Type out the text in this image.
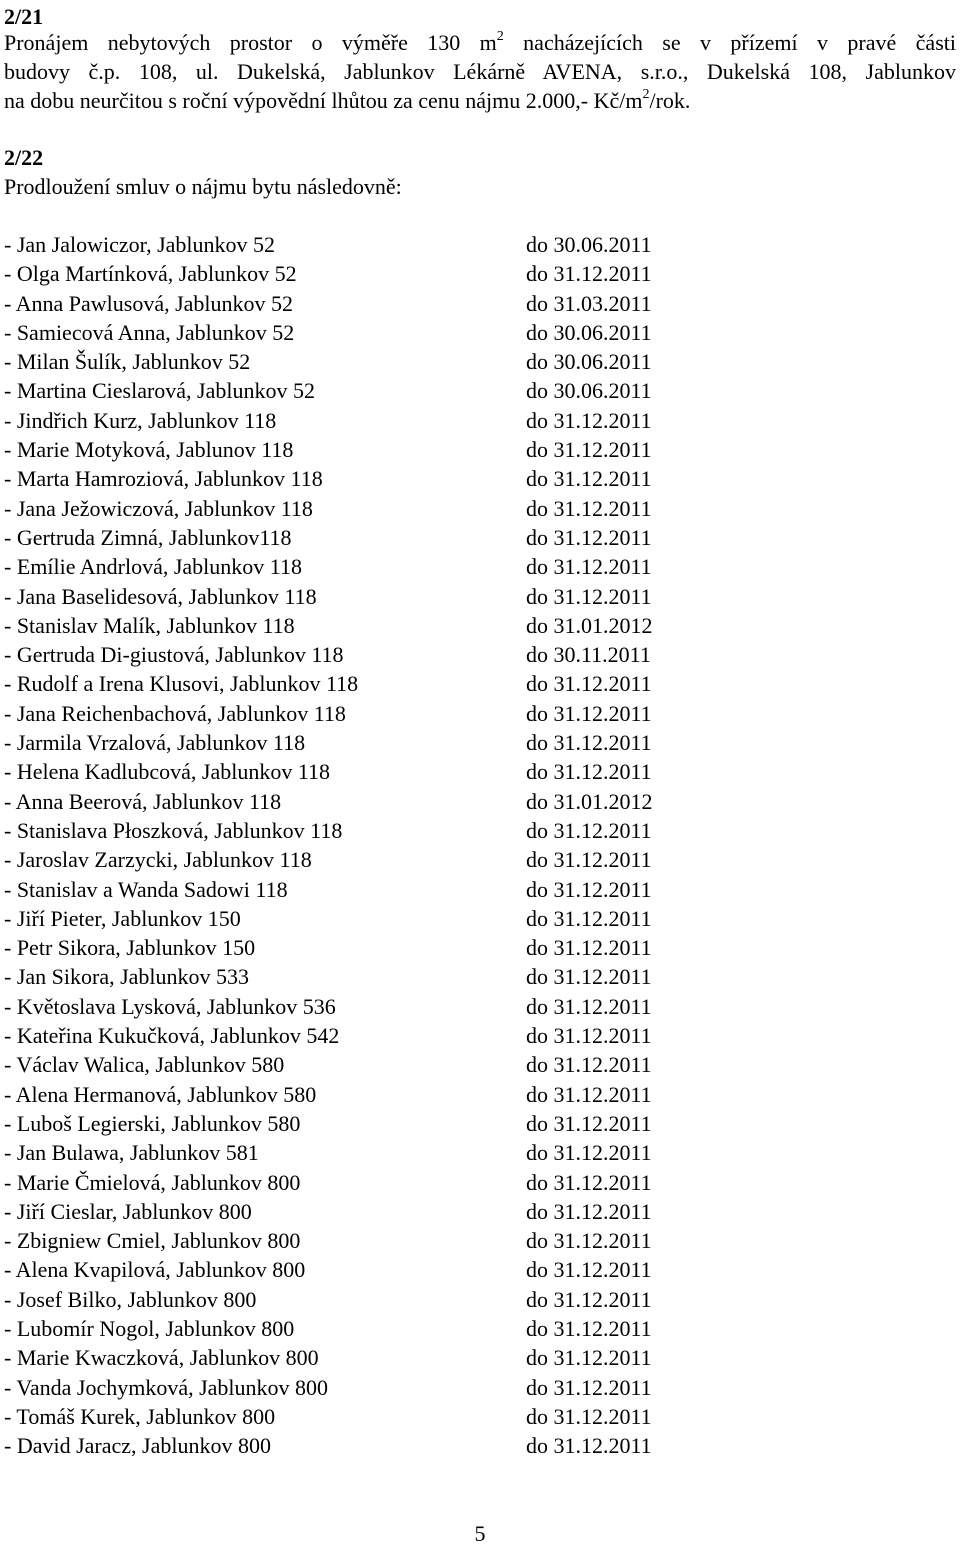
2/21

Pronájem nebytových prostor o výměře 130 $m^2$ nacházejících se v přízemí v pravé části
budovy č.p. 108, ul. Dukelská, Jablunkov Lékárně AVENA, s.r.o., Dukelská 108, Jablunkov
na dobu neurčitou s roční výpovědní lhůtou za cenu nájmu 2.000,- $Kč/m^2$/rok.

2/22

Prodloužení smluv o nájmu bytu následovně:

- Jan Jalowiczor, Jablunkov 52	do 30.06.2011
- Olga Martínková, Jablunkov 52	do 31.12.2011
- Anna Pawlusová, Jablunkov 52	do 31.03.2011
- Samiecová Anna, Jablunkov 52	do 30.06.2011
- Milan Šulík, Jablunkov 52	do 30.06.2011
- Martina Cieslarová, Jablunkov 52	do 30.06.2011
- Jindřich Kurz, Jablunkov 118	do 31.12.2011
- Marie Motyková, Jablunov 118	do 31.12.2011
- Marta Hamroziová, Jablunkov 118	do 31.12.2011
- Jana Ježowiczová, Jablunkov 118	do 31.12.2011
- Gertruda Zimná, Jablunkov118	do 31.12.2011
- Emílie Andrlová, Jablunkov 118	do 31.12.2011
- Jana Baselidesová, Jablunkov 118	do 31.12.2011
- Stanislav Malík, Jablunkov 118	do 31.01.2012
- Gertruda Di-giustová, Jablunkov 118	do 30.11.2011
- Rudolf a Irena Klusovi, Jablunkov 118	do 31.12.2011
- Jana Reichenbachová, Jablunkov 118	do 31.12.2011
- Jarmila Vrzalová, Jablunkov 118	do 31.12.2011
- Helena Kadlubcová, Jablunkov 118	do 31.12.2011
- Anna Beerová, Jablunkov 118	do 31.01.2012
- Stanislava Płoszková, Jablunkov 118	do 31.12.2011
- Jaroslav Zarzycki, Jablunkov 118	do 31.12.2011
- Stanislav a Wanda Sadowi 118	do 31.12.2011
- Jiří Pieter, Jablunkov 150	do 31.12.2011
- Petr Sikora, Jablunkov 150	do 31.12.2011
- Jan Sikora, Jablunkov 533	do 31.12.2011
- Květoslava Lysková, Jablunkov 536	do 31.12.2011
- Kateřina Kukučková, Jablunkov 542	do 31.12.2011
- Václav Walica, Jablunkov 580	do 31.12.2011
- Alena Hermanová, Jablunkov 580	do 31.12.2011
- Luboš Legierski, Jablunkov 580	do 31.12.2011
- Jan Bulawa, Jablunkov 581	do 31.12.2011
- Marie Čmielová, Jablunkov 800	do 31.12.2011
- Jiří Cieslar, Jablunkov 800	do 31.12.2011
- Zbigniew Cmiel, Jablunkov 800	do 31.12.2011
- Alena Kvapilová, Jablunkov 800	do 31.12.2011
- Josef Bilko, Jablunkov 800	do 31.12.2011
- Lubomír Nogol, Jablunkov 800	do 31.12.2011
- Marie Kwaczková, Jablunkov 800	do 31.12.2011
- Vanda Jochymková, Jablunkov 800	do 31.12.2011
- Tomáš Kurek, Jablunkov 800	do 31.12.2011
- David Jaracz, Jablunkov 800	do 31.12.2011

5
